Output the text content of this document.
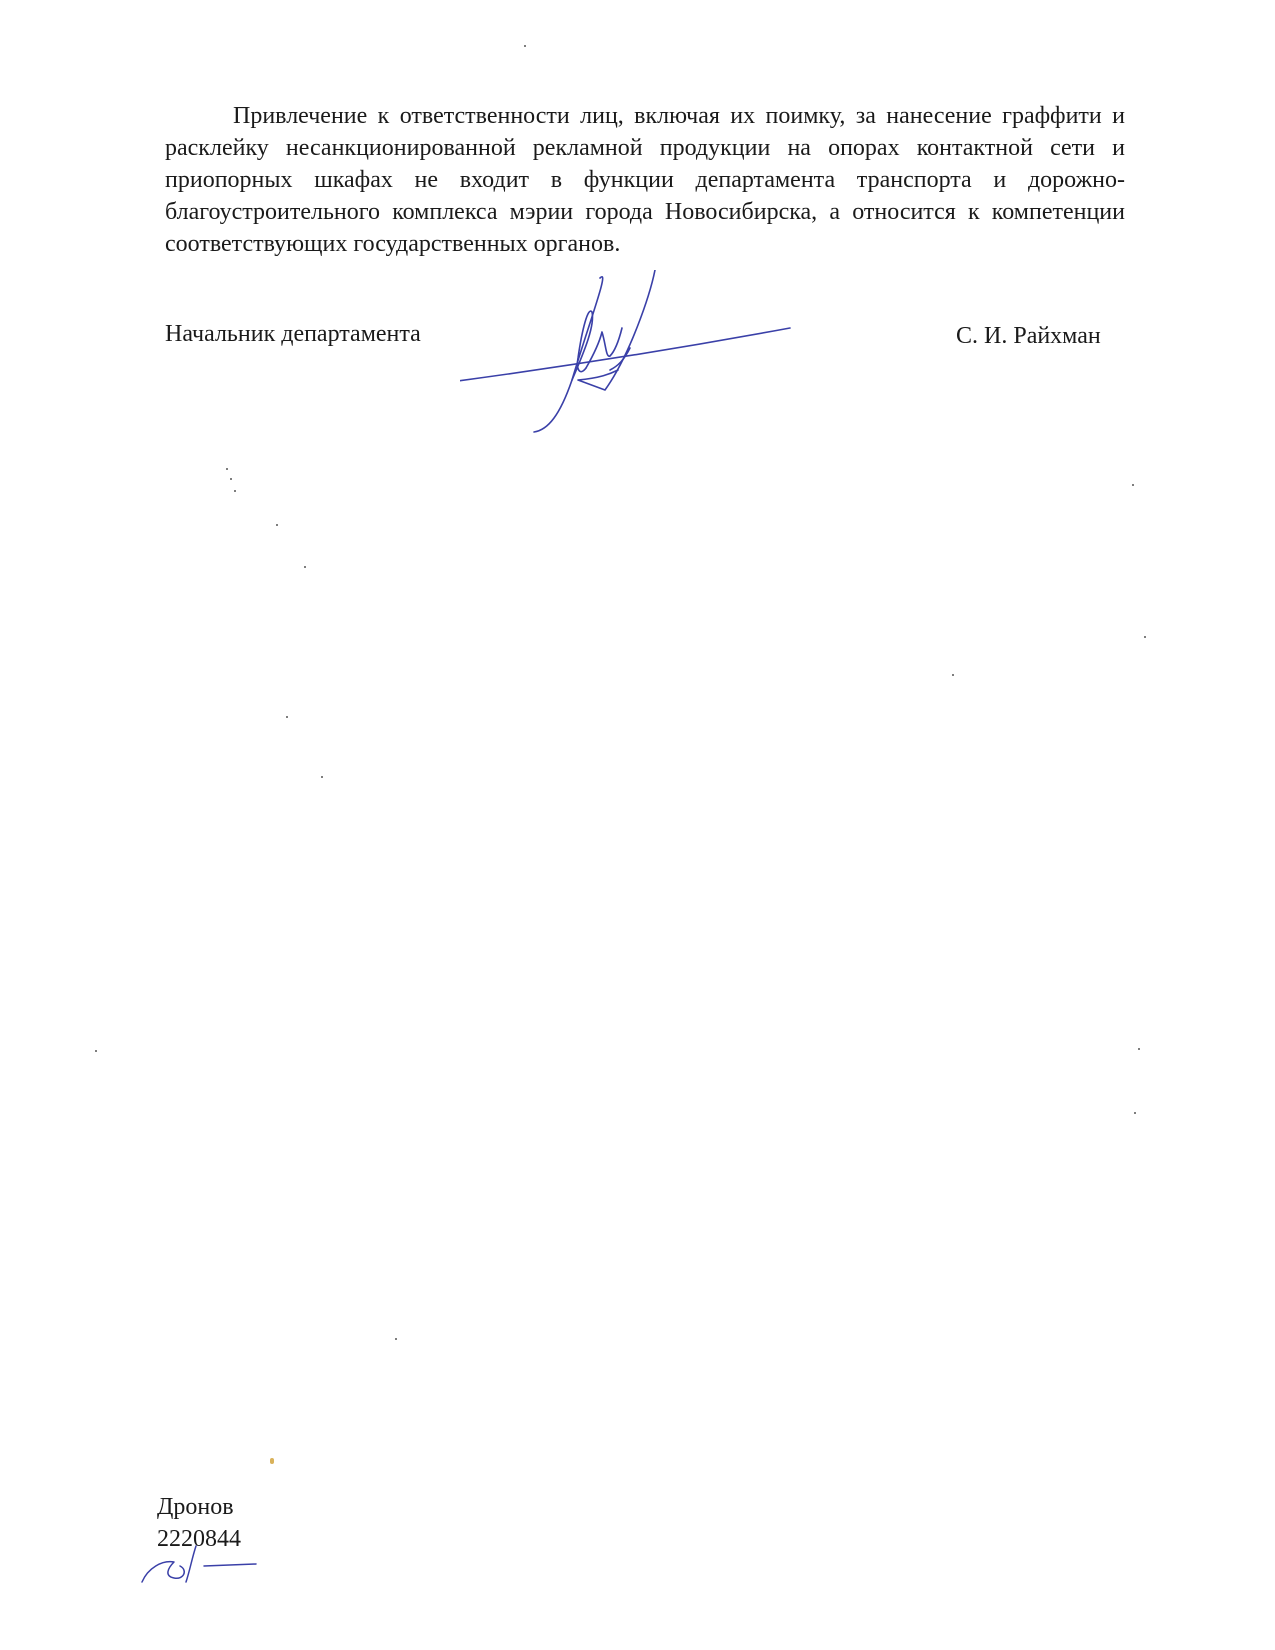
Привлечение к ответственности лиц, включая их поимку, за нанесение граффити и расклейку несанкционированной рекламной продукции на опорах контактной сети и приопорных шкафах не входит в функции департамента транспорта и дорожно-благоустроительного комплекса мэрии города Новосибирска, а относится к компетенции соответствующих государственных органов.

Начальник департамента	С. И. Райхман
Дронов
2220844
